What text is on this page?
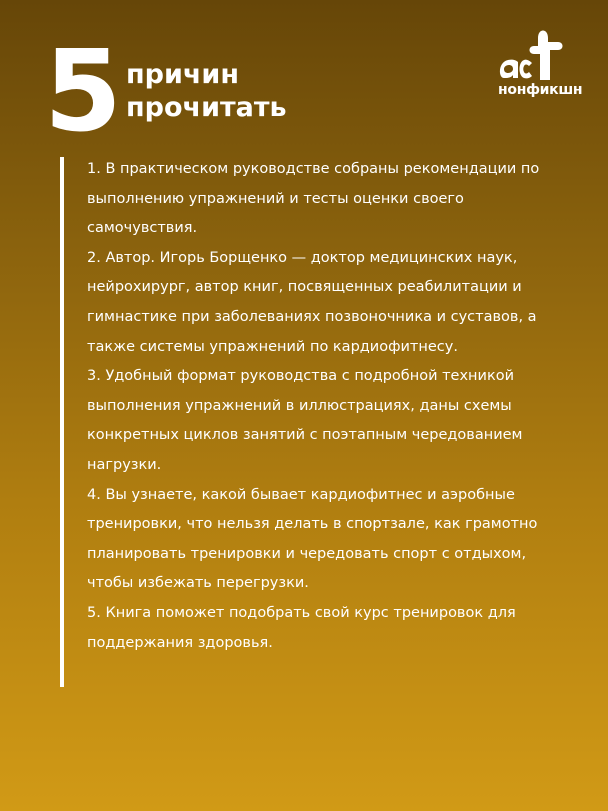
5 причин
прочитать
нонфикшн

1. В практическом руководстве собраны рекомендации по выполнению упражнений и тесты оценки своего самочувствия.

2. Автор. Игорь Борщенко — доктор медицинских наук, нейрохирург, автор книг, посвященных реабилитации и гимнастике при заболеваниях позвоночника и суставов, а также системы упражнений по кардиофитнесу.

3. Удобный формат руководства с подробной техникой выполнения упражнений в иллюстрациях, даны схемы конкретных циклов занятий с поэтапным чередованием нагрузки.

4. Вы узнаете, какой бывает кардиофитнес и аэробные тренировки, что нельзя делать в спортзале, как грамотно планировать тренировки и чередовать спорт с отдыхом, чтобы избежать перегрузки.

5. Книга поможет подобрать свой курс тренировок для поддержания здоровья.
